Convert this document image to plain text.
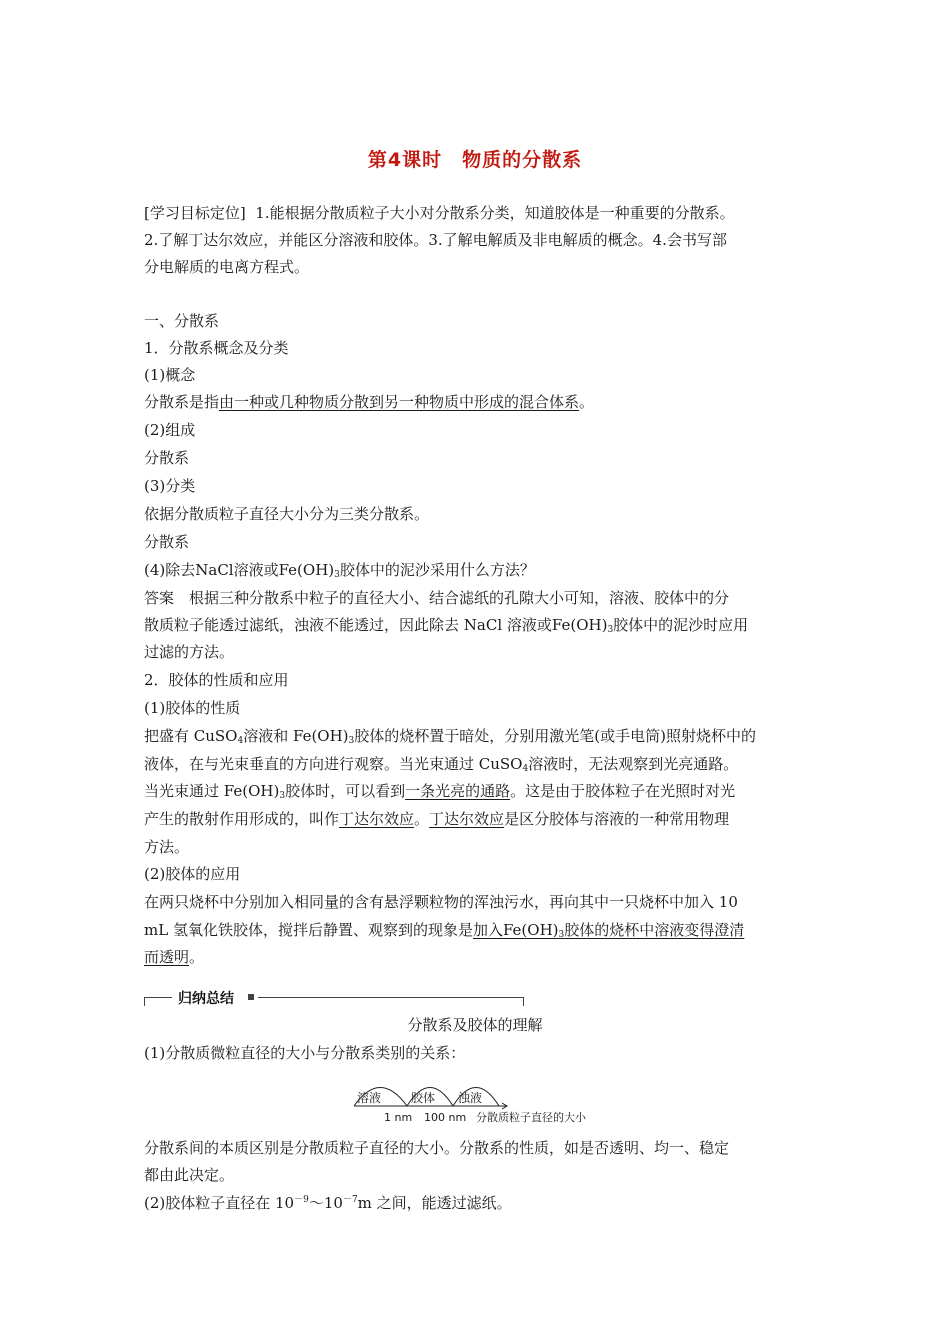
第4课时　物质的分散系
[学习目标定位] 1.能根据分散质粒子大小对分散系分类，知道胶体是一种重要的分散系。
2.了解丁达尔效应，并能区分溶液和胶体。3.了解电解质及非电解质的概念。4.会书写部
分电解质的电离方程式。
一、分散系
1．分散系概念及分类
(1)概念
分散系是指由一种或几种物质分散到另一种物质中形成的混合体系。
(2)组成
分散系
(3)分类
依据分散质粒子直径大小分为三类分散系。
分散系
(4)除去NaCl溶液或$Fe(OH)_3$胶体中的泥沙采用什么方法？
答案　根据三种分散系中粒子的直径大小、结合滤纸的孔隙大小可知，溶液、胶体中的分
散质粒子能透过滤纸，浊液不能透过，因此除去 NaCl 溶液或$Fe(OH)_3$胶体中的泥沙时应用
过滤的方法。
2．胶体的性质和应用
(1)胶体的性质
把盛有 CuSO$_4$溶液和 $Fe(OH)_3$胶体的烧杯置于暗处，分别用激光笔(或手电筒)照射烧杯中的
液体，在与光束垂直的方向进行观察。当光束通过 CuSO$_4$溶液时，无法观察到光亮通路。
当光束通过 $Fe(OH)_3$胶体时，可以看到一条光亮的通路。这是由于胶体粒子在光照时对光
产生的散射作用形成的，叫作丁达尔效应。丁达尔效应是区分胶体与溶液的一种常用物理
方法。
(2)胶体的应用
在两只烧杯中分别加入相同量的含有悬浮颗粒物的浑浊污水，再向其中一只烧杯中加入 10
mL 氢氧化铁胶体，搅拌后静置、观察到的现象是加入$Fe(OH)_3$胶体的烧杯中溶液变得澄清
而透明。
归纳总结
分散系及胶体的理解
(1)分散质微粒直径的大小与分散系类别的关系：
溶液 胶体 浊液
1 nm 100 nm 分散质粒子直径的大小
分散系间的本质区别是分散质粒子直径的大小。分散系的性质，如是否透明、均一、稳定
都由此决定。
(2)胶体粒子直径在 $10^{-9}\sim 10^{-7}m$ 之间，能透过滤纸。
